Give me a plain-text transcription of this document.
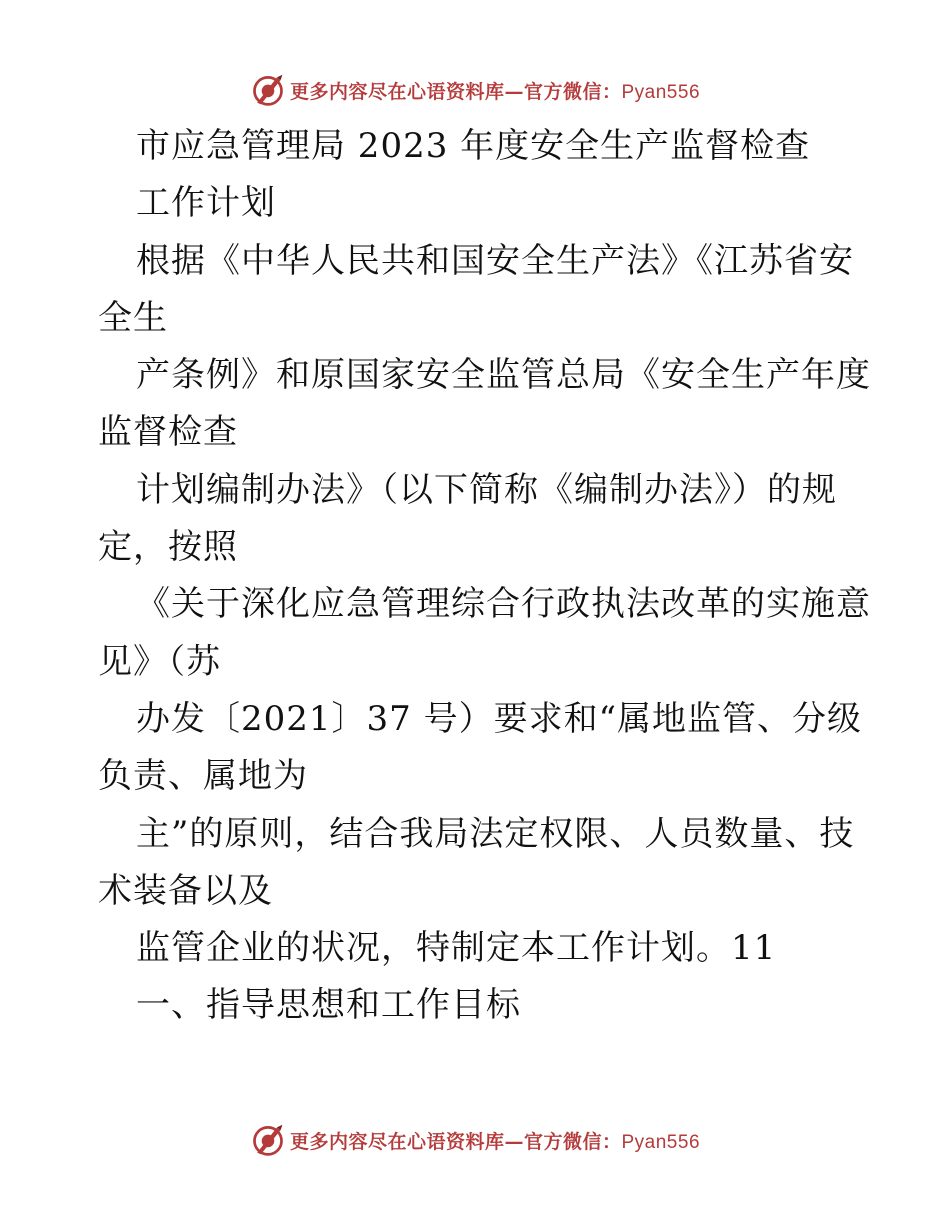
更多内容尽在心语资料库—官方微信：Pyan556
市应急管理局 2023 年度安全生产监督检查
工作计划
根据《中华人民共和国安全生产法》《江苏省安
全生
产条例》和原国家安全监管总局《安全生产年度
监督检查
计划编制办法》（以下简称《编制办法》）的规
定，按照
《关于深化应急管理综合行政执法改革的实施意
见》（苏
办发〔2021〕37 号）要求和“属地监管、分级
负责、属地为
主”的原则，结合我局法定权限、人员数量、技
术装备以及
监管企业的状况，特制定本工作计划。11
一、指导思想和工作目标
更多内容尽在心语资料库—官方微信：Pyan556
